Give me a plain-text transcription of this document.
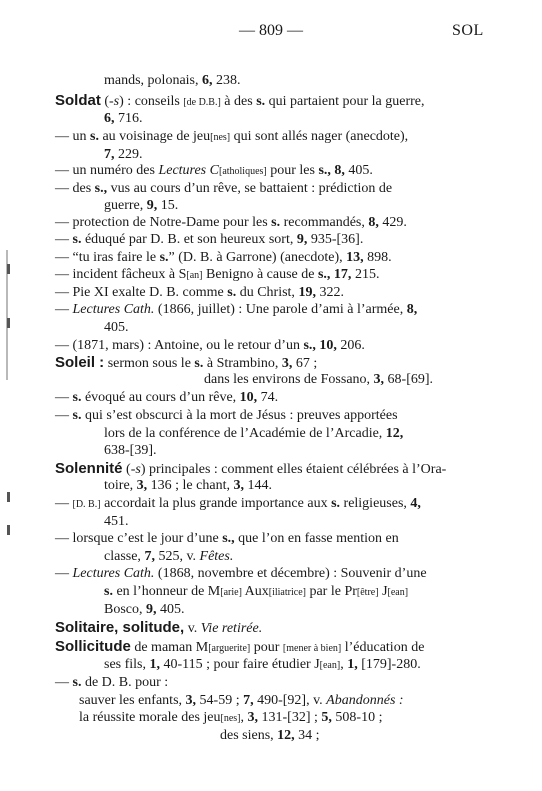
— 809 —	SOL
mands, polonais, 6, 238.
Soldat (-s) : conseils [de D.B.] à des s. qui partaient pour la guerre,
6, 716.
— un s. au voisinage de jeu[nes] qui sont allés nager (anecdote),
7, 229.
— un numéro des Lectures C[atholiques] pour les s., 8, 405.
— des s., vus au cours d’un rêve, se battaient : prédiction de
guerre, 9, 15.
— protection de Notre-Dame pour les s. recommandés, 8, 429.
— s. éduqué par D. B. et son heureux sort, 9, 935-[36].
— “tu iras faire le s.” (D. B. à Garrone) (anecdote), 13, 898.
— incident fâcheux à S[an] Benigno à cause de s., 17, 215.
— Pie XI exalte D. B. comme s. du Christ, 19, 322.
— Lectures Cath. (1866, juillet) : Une parole d’ami à l’armée, 8,
405.
— (1871, mars) : Antoine, ou le retour d’un s., 10, 206.
Soleil : sermon sous le s. à Strambino, 3, 67 ;
dans les environs de Fossano, 3, 68-[69].
— s. évoqué au cours d’un rêve, 10, 74.
— s. qui s’est obscurci à la mort de Jésus : preuves apportées
lors de la conférence de l’Académie de l’Arcadie, 12,
638-[39].
Solennité (-s) principales : comment elles étaient célébrées à l’Ora-
toire, 3, 136 ; le chant, 3, 144.
— [D. B.] accordait la plus grande importance aux s. religieuses, 4,
451.
— lorsque c’est le jour d’une s., que l’on en fasse mention en
classe, 7, 525, v. Fêtes.
— Lectures Cath. (1868, novembre et décembre) : Souvenir d’une
s. en l’honneur de M[arie] Aux[iliatrice] par le Pr[être] J[ean]
Bosco, 9, 405.
Solitaire, solitude, v. Vie retirée.
Sollicitude de maman M[arguerite] pour [mener à bien] l’éducation de
ses fils, 1, 40-115 ; pour faire étudier J[ean], 1, [179]-280.
— s. de D. B. pour :
sauver les enfants, 3, 54-59 ; 7, 490-[92], v. Abandonnés :
la réussite morale des jeu[nes], 3, 131-[32] ; 5, 508-10 ;
des siens, 12, 34 ;
